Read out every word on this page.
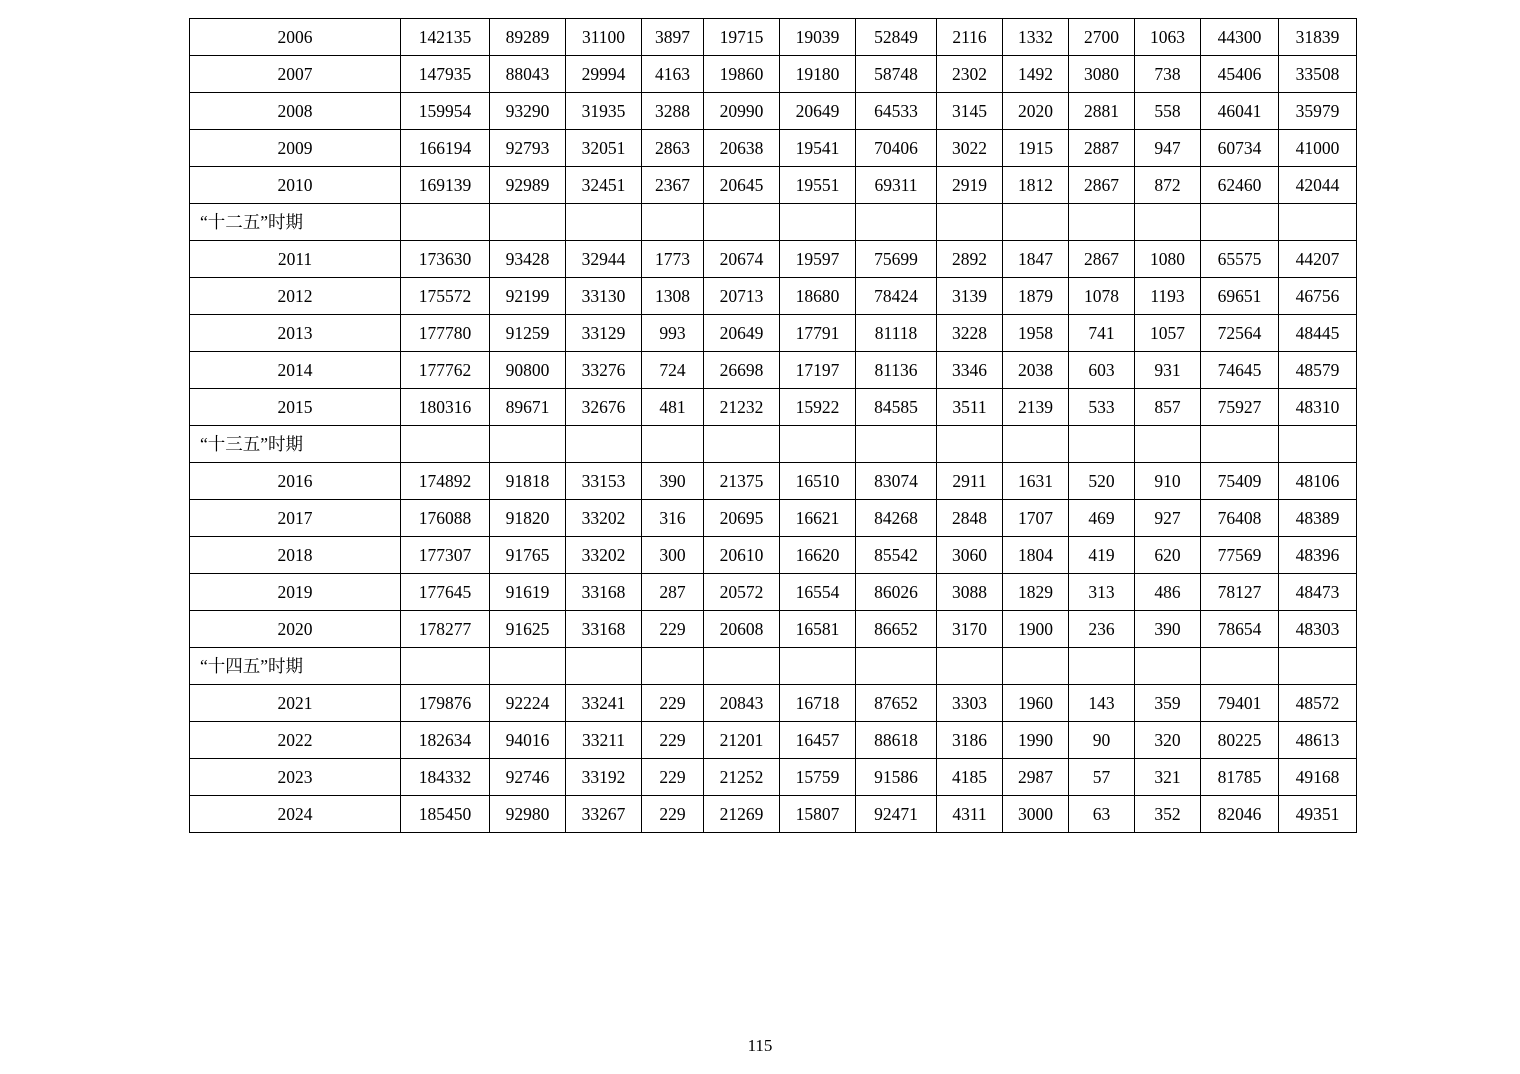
2006	142135	89289	31100	3897	19715	19039	52849	2116	1332	2700	1063	44300	31839
2007	147935	88043	29994	4163	19860	19180	58748	2302	1492	3080	738	45406	33508
2008	159954	93290	31935	3288	20990	20649	64533	3145	2020	2881	558	46041	35979
2009	166194	92793	32051	2863	20638	19541	70406	3022	1915	2887	947	60734	41000
2010	169139	92989	32451	2367	20645	19551	69311	2919	1812	2867	872	62460	42044
“十二五”时期													
2011	173630	93428	32944	1773	20674	19597	75699	2892	1847	2867	1080	65575	44207
2012	175572	92199	33130	1308	20713	18680	78424	3139	1879	1078	1193	69651	46756
2013	177780	91259	33129	993	20649	17791	81118	3228	1958	741	1057	72564	48445
2014	177762	90800	33276	724	26698	17197	81136	3346	2038	603	931	74645	48579
2015	180316	89671	32676	481	21232	15922	84585	3511	2139	533	857	75927	48310
“十三五”时期													
2016	174892	91818	33153	390	21375	16510	83074	2911	1631	520	910	75409	48106
2017	176088	91820	33202	316	20695	16621	84268	2848	1707	469	927	76408	48389
2018	177307	91765	33202	300	20610	16620	85542	3060	1804	419	620	77569	48396
2019	177645	91619	33168	287	20572	16554	86026	3088	1829	313	486	78127	48473
2020	178277	91625	33168	229	20608	16581	86652	3170	1900	236	390	78654	48303
“十四五”时期													
2021	179876	92224	33241	229	20843	16718	87652	3303	1960	143	359	79401	48572
2022	182634	94016	33211	229	21201	16457	88618	3186	1990	90	320	80225	48613
2023	184332	92746	33192	229	21252	15759	91586	4185	2987	57	321	81785	49168
2024	185450	92980	33267	229	21269	15807	92471	4311	3000	63	352	82046	49351
115
